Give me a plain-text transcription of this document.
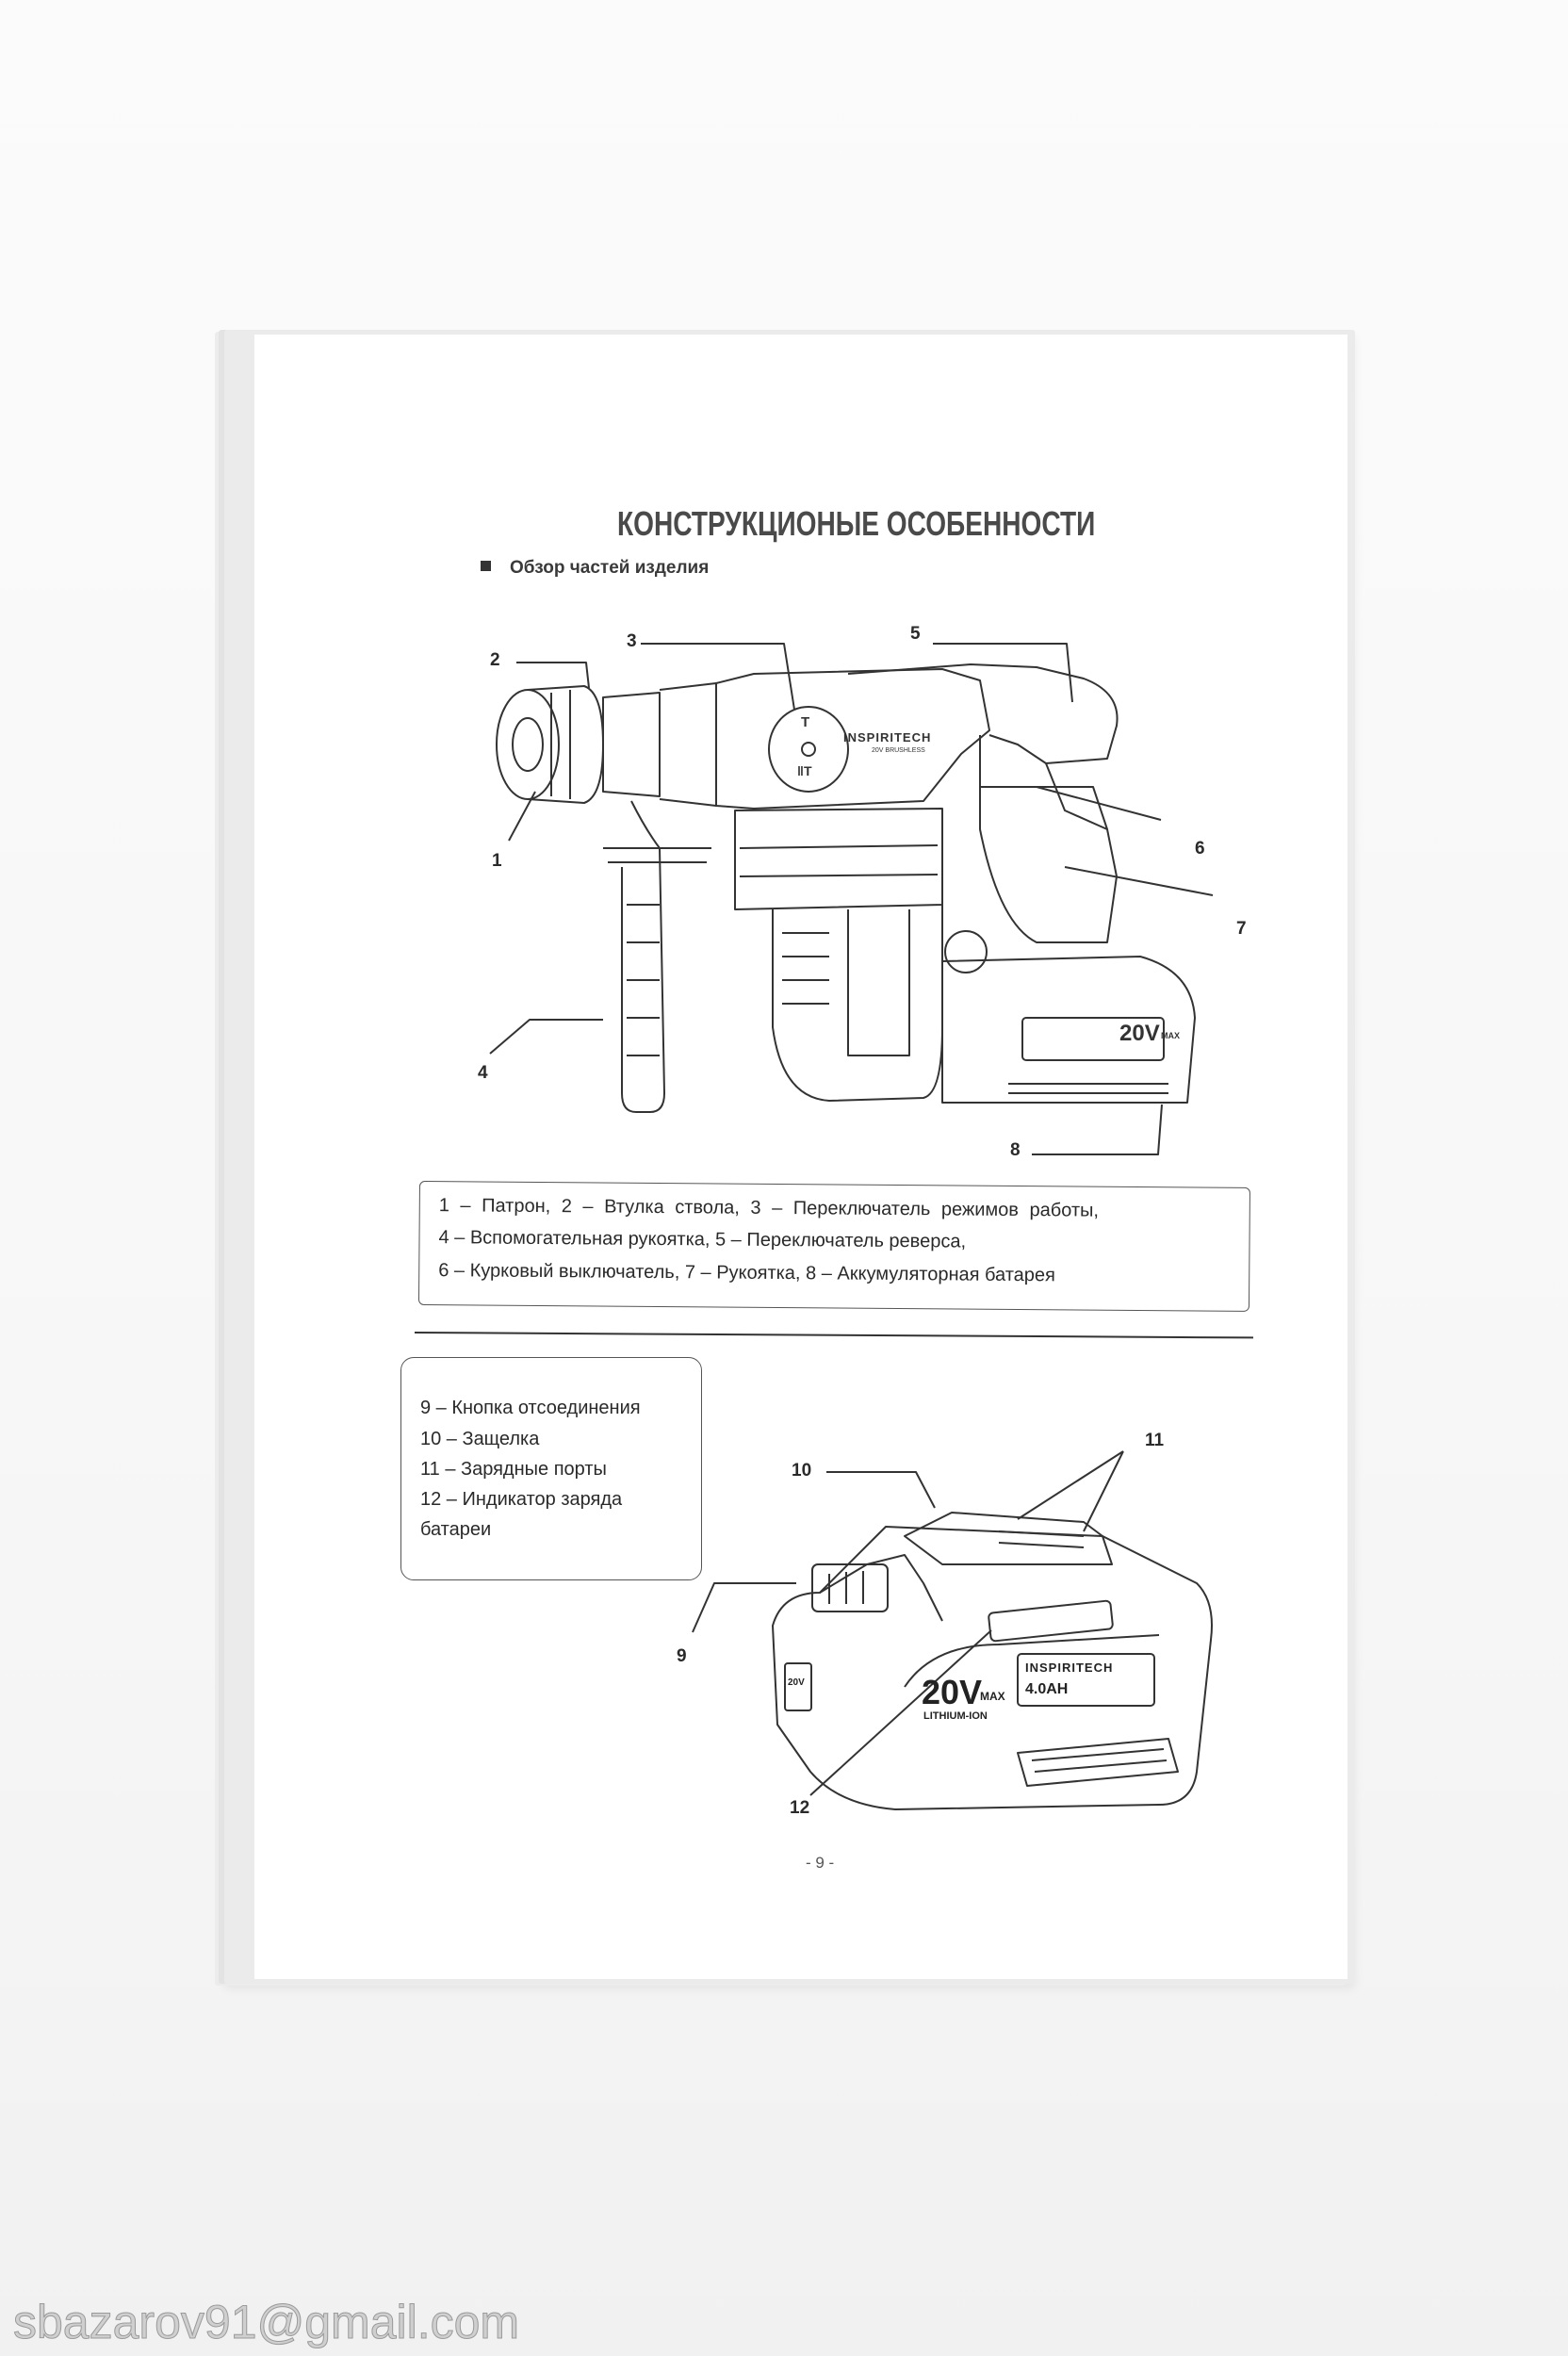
КОНСТРУКЦИОНЫЕ ОСОБЕННОСТИ
Обзор частей изделия
2
3	5
1
6
7
4
8
INSPIRITECH
20V BRUSHLESS
T
ǁT
20V MAX
1 – Патрон, 2 – Втулка ствола, 3 – Переключатель режимов работы,
4 – Вспомогательная рукоятка, 5 – Переключатель реверса,
6 – Курковый выключатель, 7 – Рукоятка, 8 – Аккумуляторная батарея
9 – Кнопка отсоединения
10 – Защелка
11 – Зарядные порты
12 – Индикатор заряда
батареи
10
11
9
12
20V
MAX
LITHIUM-ION
INSPIRITECH
4.0AH
20V
- 9 -
sbazarov91@gmail.com
